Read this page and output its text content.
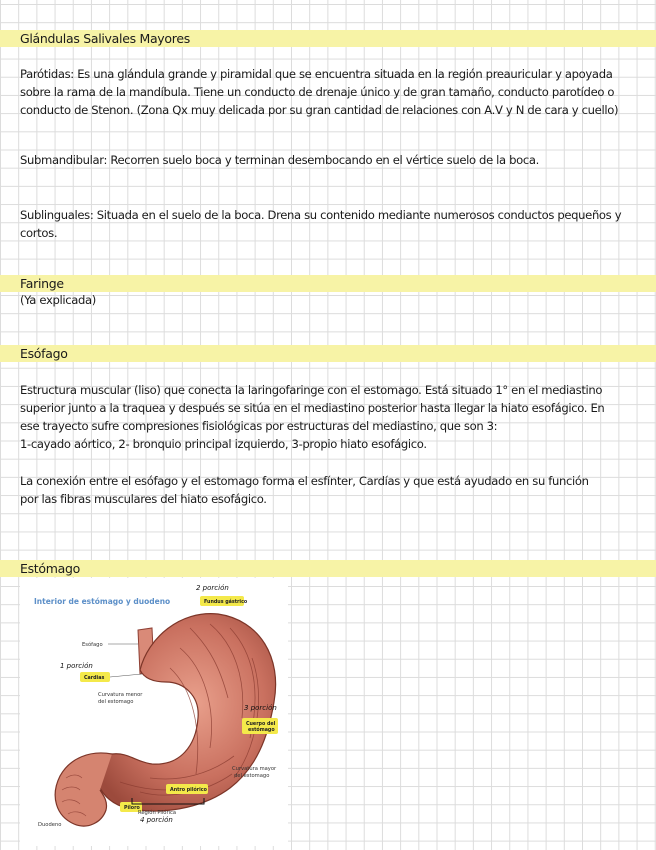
Glándulas Salivales Mayores
Parótidas: Es una glándula grande y piramidal que se encuentra situada en la región preauricular y apoyada
sobre la rama de la mandíbula. Tiene un conducto de drenaje único y de gran tamaño, conducto parotídeo o
conducto de Stenon. (Zona Qx muy delicada por su gran cantidad de relaciones con A.V y N de cara y cuello)
Submandibular: Recorren suelo boca y terminan desembocando en el vértice suelo de la boca.
Sublinguales: Situada en el suelo de la boca. Drena su contenido mediante numerosos conductos pequeños y
cortos.
Faringe
(Ya explicada)
Esófago
Estructura muscular (liso) que conecta la laringofaringe con el estomago. Está situado 1° en el mediastino
superior junto a la traquea y después se sitúa en el mediastino posterior hasta llegar la hiato esofágico. En
ese trayecto sufre compresiones fisiológicas por estructuras del mediastino, que son 3:
1-cayado aórtico, 2- bronquio principal izquierdo, 3-propio hiato esofágico.
La conexión entre el esófago y el estomago forma el esfínter, Cardías y que está ayudado en su función
por las fibras musculares del hiato esofágico.
Estómago
Interior de estómago y duodeno	Fundus gástrico
2 porción
Esófago
Cardias
1 porción
Curvatura menor
del estomago
Cuerpo del
estómago
3 porción
Curvatura mayor
del estomago
Antro pilórico
Píloro
Región Pilórica
4 porción
Duodeno
